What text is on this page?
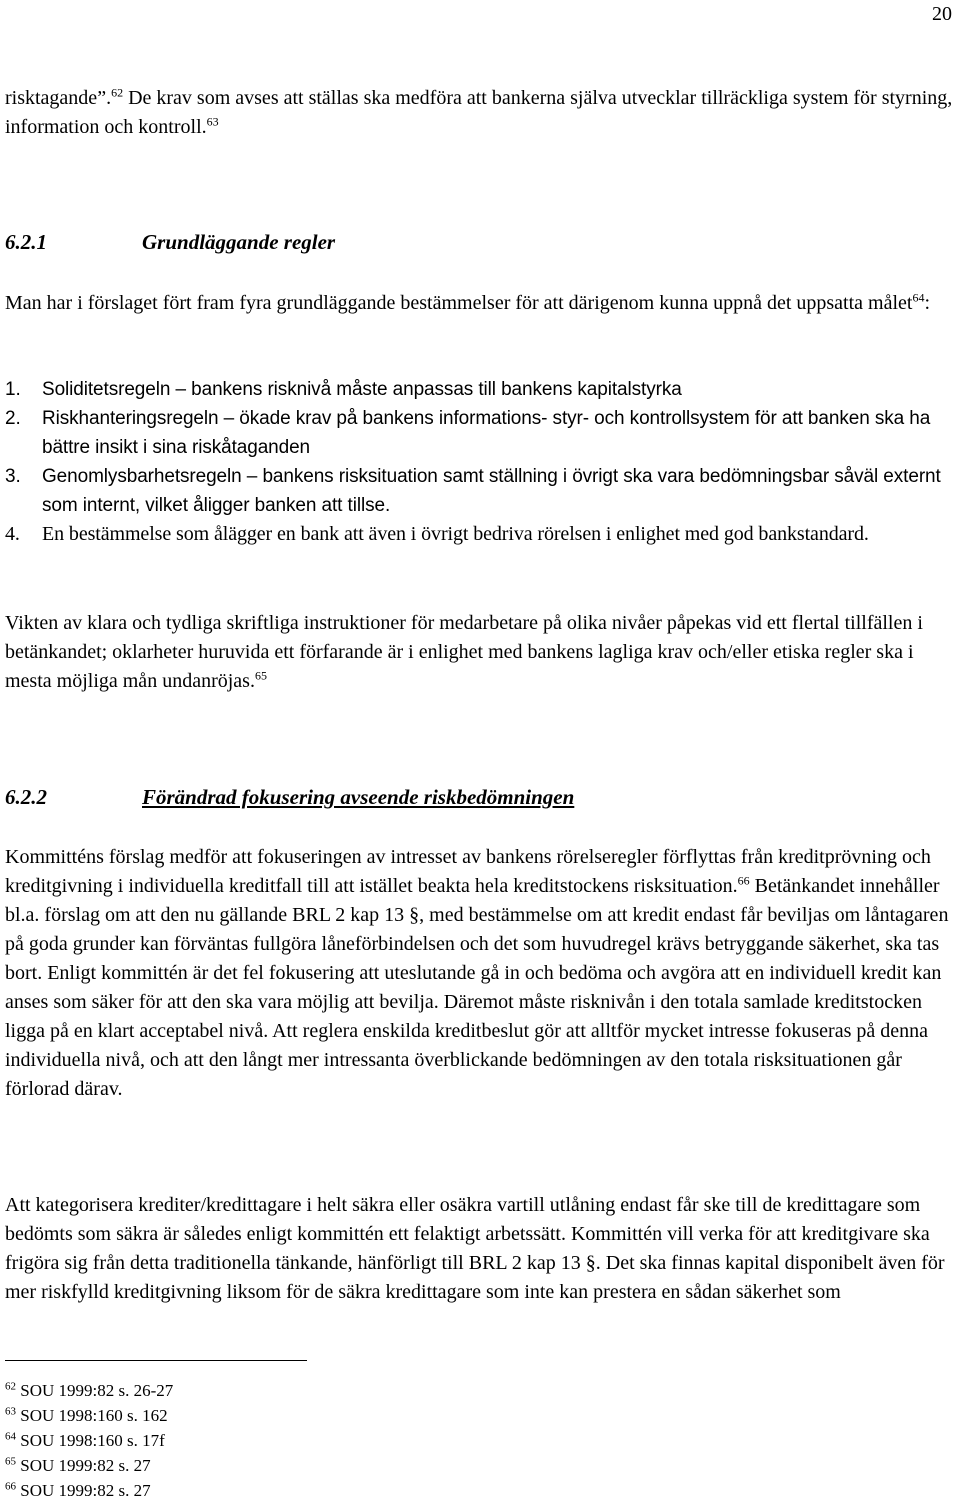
20

risktagande”.$^{62}$ De krav som avses att ställas ska medföra att bankerna själva utvecklar tillräckliga system för styrning, information och kontroll.$^{63}$

6.2.1	Grundläggande regler

Man har i förslaget fört fram fyra grundläggande bestämmelser för att därigenom kunna uppnå det uppsatta målet$^{64}$:

1. Soliditetsregeln – bankens risknivå måste anpassas till bankens kapitalstyrka
2. Riskhanteringsregeln – ökade krav på bankens informations- styr- och kontrollsystem för att banken ska ha bättre insikt i sina riskåtaganden
3. Genomlysbarhetsregeln – bankens risksituation samt ställning i övrigt ska vara bedömningsbar såväl externt som internt, vilket åligger banken att tillse.
4. En bestämmelse som ålägger en bank att även i övrigt bedriva rörelsen i enlighet med god bankstandard.

Vikten av klara och tydliga skriftliga instruktioner för medarbetare på olika nivåer påpekas vid ett flertal tillfällen i betänkandet; oklarheter huruvida ett förfarande är i enlighet med bankens lagliga krav och/eller etiska regler ska i mesta möjliga mån undanröjas.$^{65}$

6.2.2	Förändrad fokusering avseende riskbedömningen

Kommitténs förslag medför att fokuseringen av intresset av bankens rörelseregler förflyttas från kreditprövning och kreditgivning i individuella kreditfall till att istället beakta hela kreditstockens risksituation.$^{66}$ Betänkandet innehåller bl.a. förslag om att den nu gällande BRL 2 kap 13 §, med bestämmelse om att kredit endast får beviljas om låntagaren på goda grunder kan förväntas fullgöra låneförbindelsen och det som huvudregel krävs betryggande säkerhet, ska tas bort. Enligt kommittén är det fel fokusering att uteslutande gå in och bedöma och avgöra att en individuell kredit kan anses som säker för att den ska vara möjlig att bevilja. Däremot måste risknivån i den totala samlade kreditstocken ligga på en klart acceptabel nivå. Att reglera enskilda kreditbeslut gör att alltför mycket intresse fokuseras på denna individuella nivå, och att den långt mer intressanta överblickande bedömningen av den totala risksituationen går förlorad därav.

Att kategorisera krediter/kredittagare i helt säkra eller osäkra vartill utlåning endast får ske till de kredittagare som bedömts som säkra är således enligt kommittén ett felaktigt arbetssätt. Kommittén vill verka för att kreditgivare ska frigöra sig från detta traditionella tänkande, hänförligt till BRL 2 kap 13 §. Det ska finnas kapital disponibelt även för mer riskfylld kreditgivning liksom för de säkra kredittagare som inte kan prestera en sådan säkerhet som

$^{62}$ SOU 1999:82 s. 26-27
$^{63}$ SOU 1998:160 s. 162
$^{64}$ SOU 1998:160 s. 17f
$^{65}$ SOU 1999:82 s. 27
$^{66}$ SOU 1999:82 s. 27
